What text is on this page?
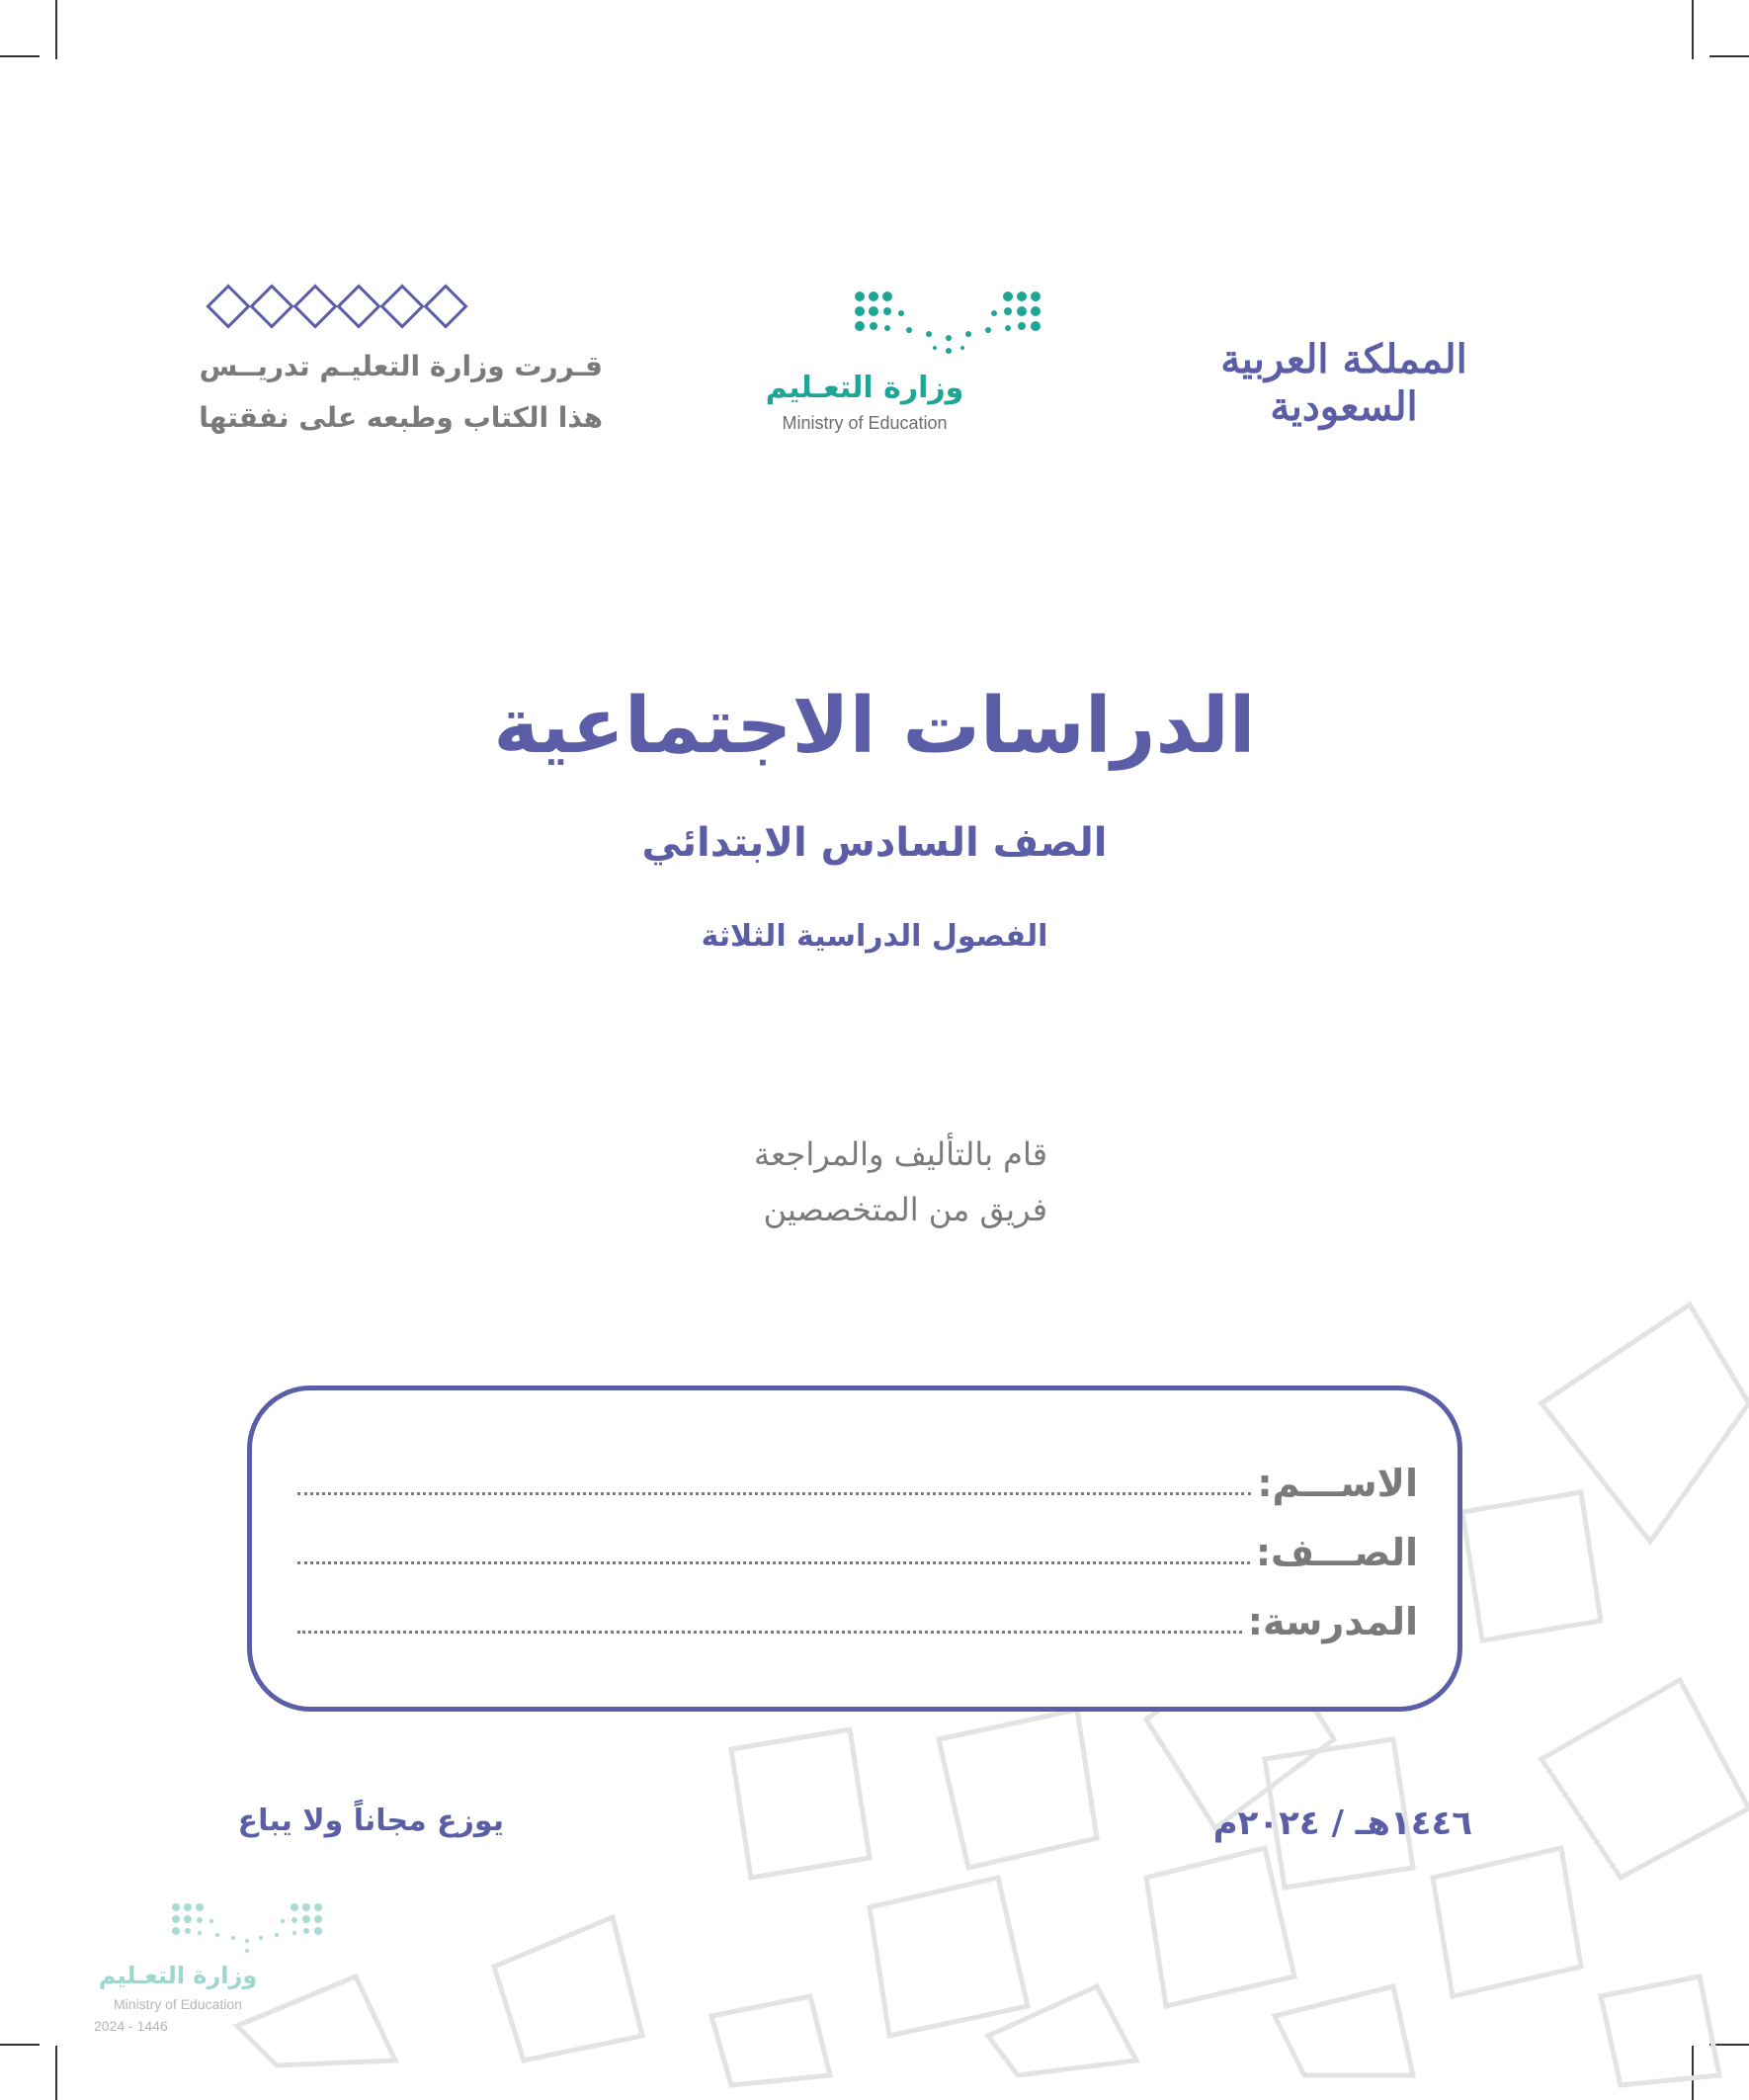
المملكة العربية السعودية
وزارة التعـليم
Ministry of Education
قـررت وزارة التعليـم تدريــس
هذا الكتاب وطبعه على نفقتها
الدراسات الاجتماعية
الصف السادس الابتدائي
الفصول الدراسية الثلاثة
قام بالتأليف والمراجعة
فريق من المتخصصين
الاســـم:
الصـــف:
المدرسة:
يوزع مجاناً ولا يباع	١٤٤٦هـ / ٢٠٢٤م
وزارة التعـليم
Ministry of Education
2024 - 1446
